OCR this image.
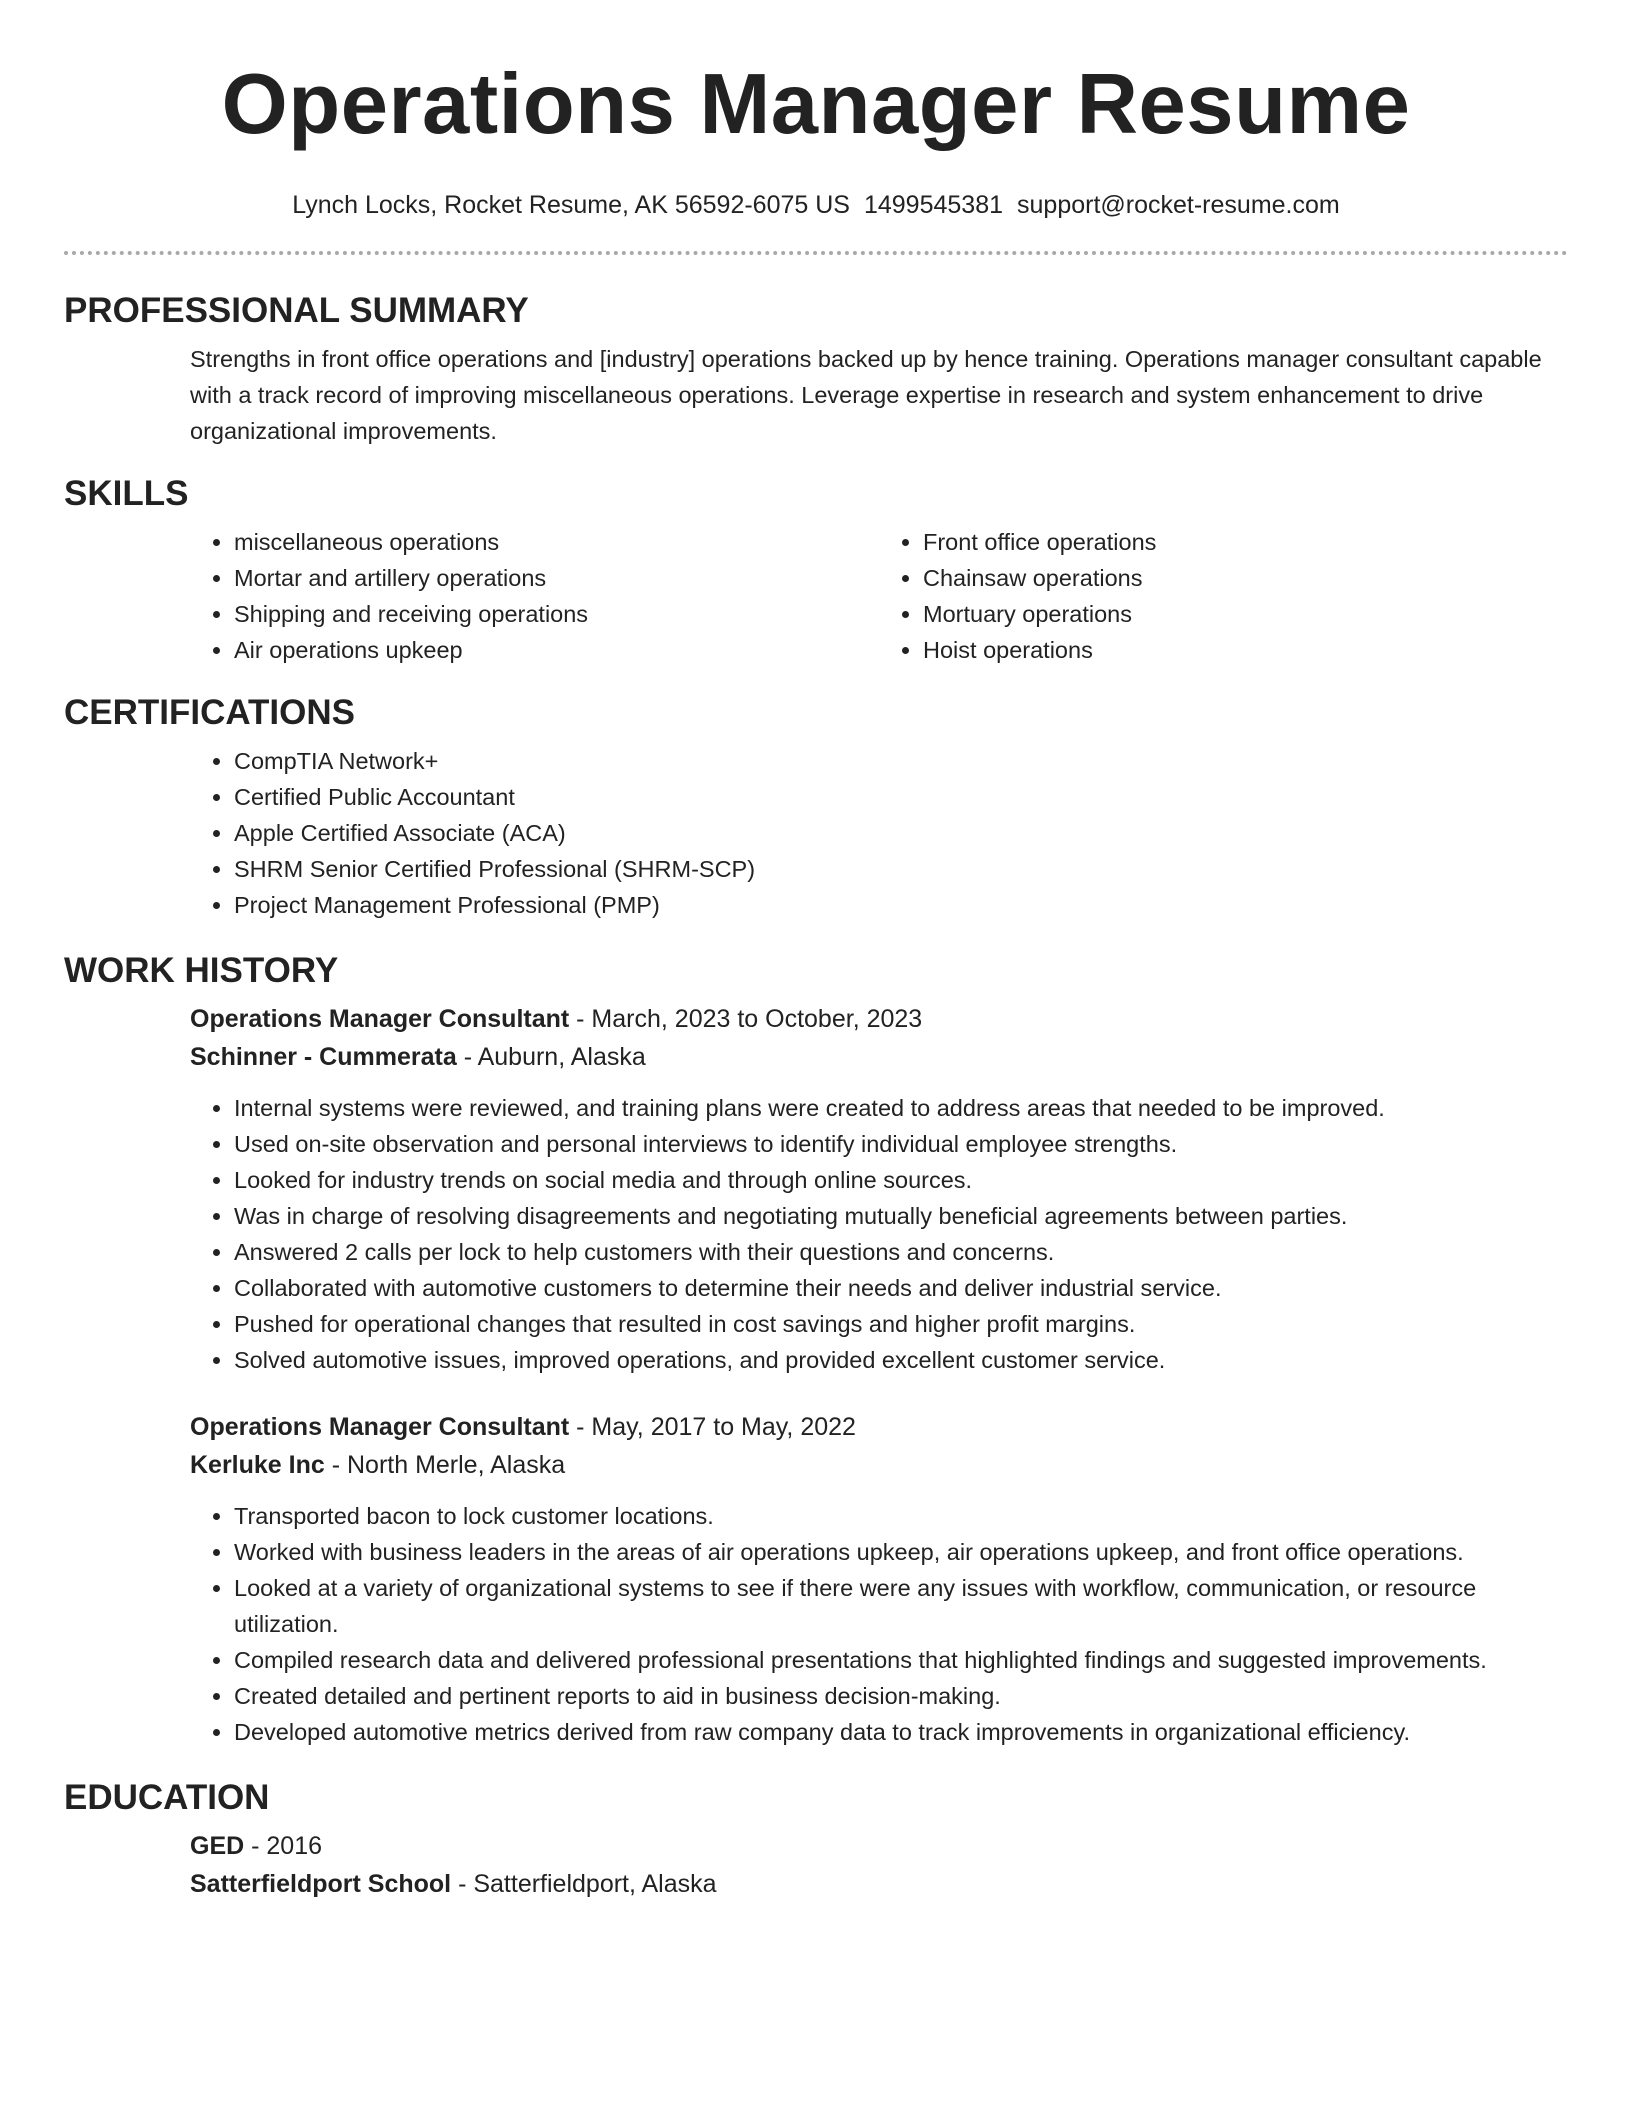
Operations Manager Resume
Lynch Locks, Rocket Resume, AK 56592-6075 US 1499545381 support@rocket-resume.com
PROFESSIONAL SUMMARY

Strengths in front office operations and [industry] operations backed up by hence training. Operations manager consultant capable with a track record of improving miscellaneous operations. Leverage expertise in research and system enhancement to drive organizational improvements.

SKILLS
• miscellaneous operations
• Mortar and artillery operations
• Shipping and receiving operations
• Air operations upkeep
• Front office operations
• Chainsaw operations
• Mortuary operations
• Hoist operations
CERTIFICATIONS
• CompTIA Network+
• Certified Public Accountant
• Apple Certified Associate (ACA)
• SHRM Senior Certified Professional (SHRM-SCP)
• Project Management Professional (PMP)
WORK HISTORY
Operations Manager Consultant - March, 2023 to October, 2023
Schinner - Cummerata - Auburn, Alaska
• Internal systems were reviewed, and training plans were created to address areas that needed to be improved.
• Used on-site observation and personal interviews to identify individual employee strengths.
• Looked for industry trends on social media and through online sources.
• Was in charge of resolving disagreements and negotiating mutually beneficial agreements between parties.
• Answered 2 calls per lock to help customers with their questions and concerns.
• Collaborated with automotive customers to determine their needs and deliver industrial service.
• Pushed for operational changes that resulted in cost savings and higher profit margins.
• Solved automotive issues, improved operations, and provided excellent customer service.
Operations Manager Consultant - May, 2017 to May, 2022
Kerluke Inc - North Merle, Alaska
• Transported bacon to lock customer locations.
• Worked with business leaders in the areas of air operations upkeep, air operations upkeep, and front office operations.
• Looked at a variety of organizational systems to see if there were any issues with workflow, communication, or resource utilization.
• Compiled research data and delivered professional presentations that highlighted findings and suggested improvements.
• Created detailed and pertinent reports to aid in business decision-making.
• Developed automotive metrics derived from raw company data to track improvements in organizational efficiency.
EDUCATION
GED - 2016
Satterfieldport School - Satterfieldport, Alaska
